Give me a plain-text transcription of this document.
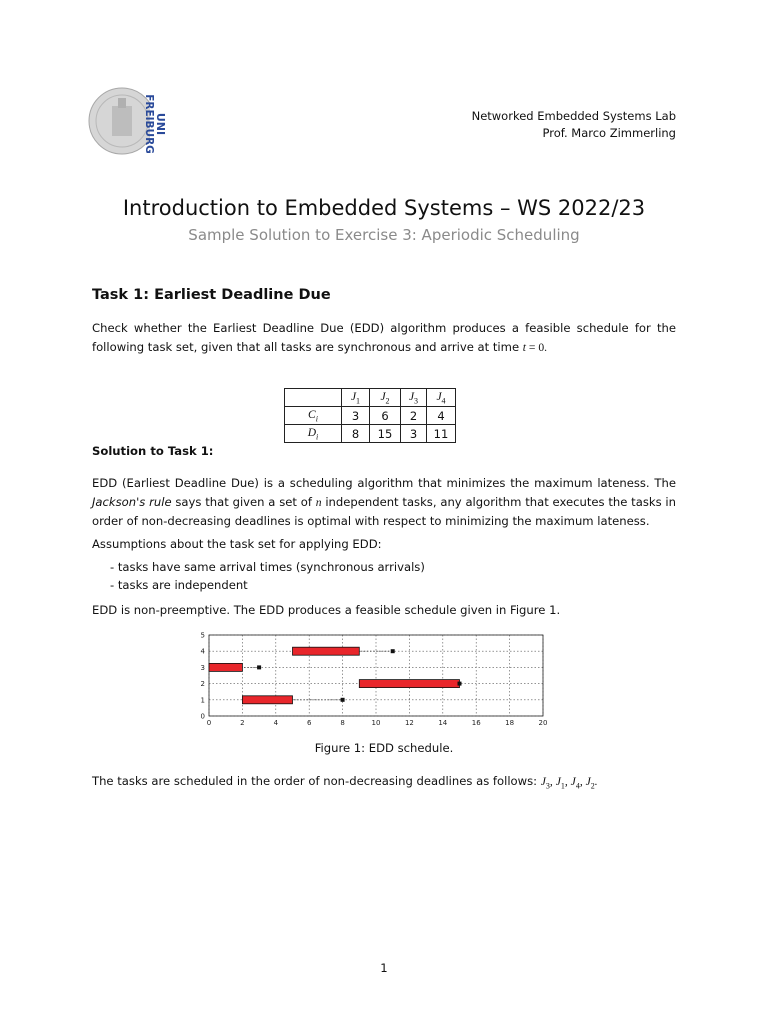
UNI
FREIBURG	Networked Embedded Systems Lab
Prof. Marco Zimmerling
Introduction to Embedded Systems – WS 2022/23
Sample Solution to Exercise 3: Aperiodic Scheduling
Task 1: Earliest Deadline Due
Check whether the Earliest Deadline Due (EDD) algorithm produces a feasible schedule for the following task set, given that all tasks are synchronous and arrive at time t = 0.
	$J_1$	$J_2$	$J_3$	$J_4$
$C_i$	3	6	2	4
$D_i$	8	15	3	11
Solution to Task 1:
EDD (Earliest Deadline Due) is a scheduling algorithm that minimizes the maximum lateness. The Jackson's rule says that given a set of n independent tasks, any algorithm that executes the tasks in order of non-decreasing deadlines is optimal with respect to minimizing the maximum lateness.
Assumptions about the task set for applying EDD:
- tasks have same arrival times (synchronous arrivals)
- tasks are independent
EDD is non-preemptive. The EDD produces a feasible schedule given in Figure 1.
0	2	4	6	8	10	12	14	16	18	20
0
1
2
3
4
5
Figure 1: EDD schedule.
The tasks are scheduled in the order of non-decreasing deadlines as follows: $J_3$, $J_1$, $J_4$, $J_2$.
1
